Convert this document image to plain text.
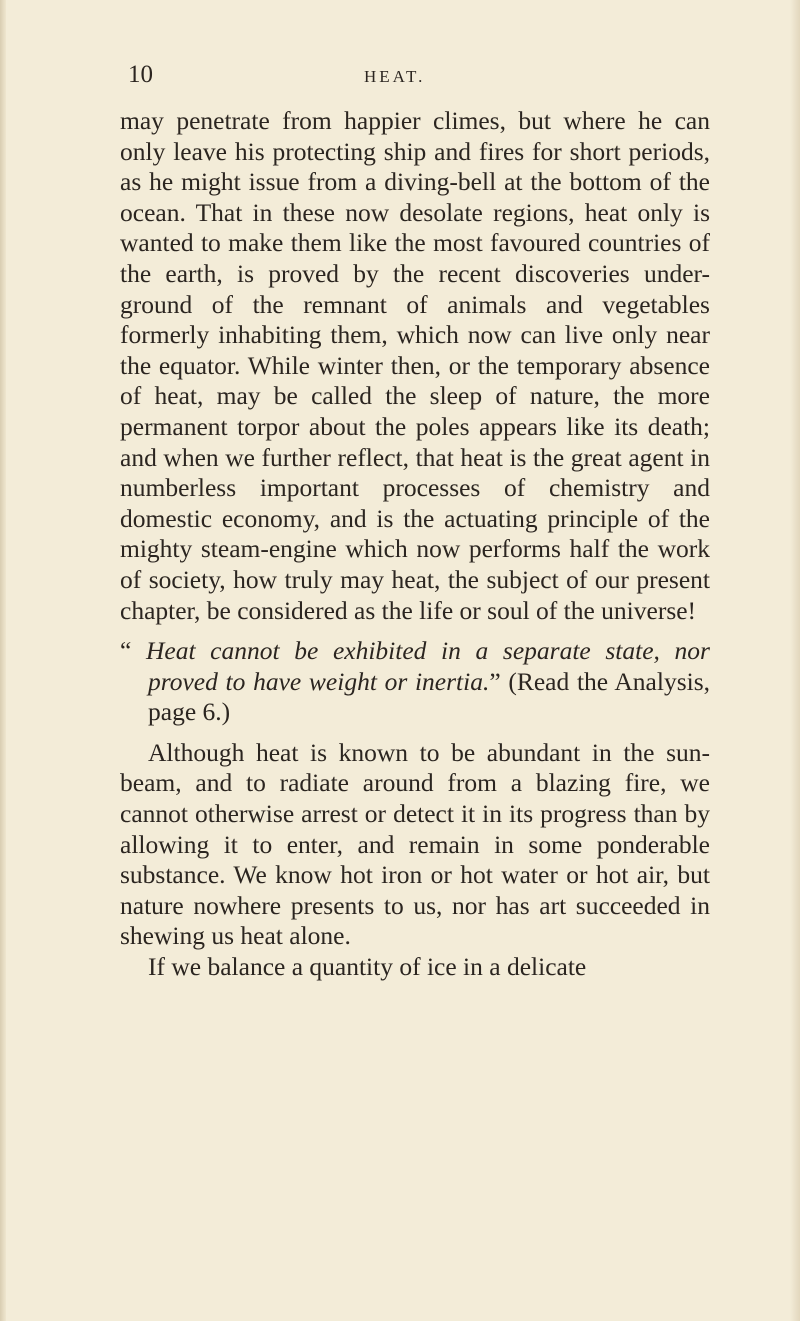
10	HEAT.

may penetrate from happier climes, but where he can only leave his protecting ship and fires for short periods, as he might issue from a diving-bell at the bottom of the ocean. That in these now desolate regions, heat only is wanted to make them like the most favoured countries of the earth, is proved by the recent discoveries under-ground of the remnant of animals and vegetables formerly inhabiting them, which now can live only near the equator. While winter then, or the temporary absence of heat, may be called the sleep of nature, the more permanent torpor about the poles appears like its death; and when we further reflect, that heat is the great agent in numberless important processes of chemistry and domestic economy, and is the actuating principle of the mighty steam-engine which now performs half the work of society, how truly may heat, the subject of our present chapter, be considered as the life or soul of the universe!

“ Heat cannot be exhibited in a separate state, nor proved to have weight or inertia.” (Read the Analysis, page 6.)

Although heat is known to be abundant in the sun-beam, and to radiate around from a blazing fire, we cannot otherwise arrest or detect it in its progress than by allowing it to enter, and remain in some ponderable substance. We know hot iron or hot water or hot air, but nature nowhere presents to us, nor has art succeeded in shewing us heat alone.

If we balance a quantity of ice in a delicate
